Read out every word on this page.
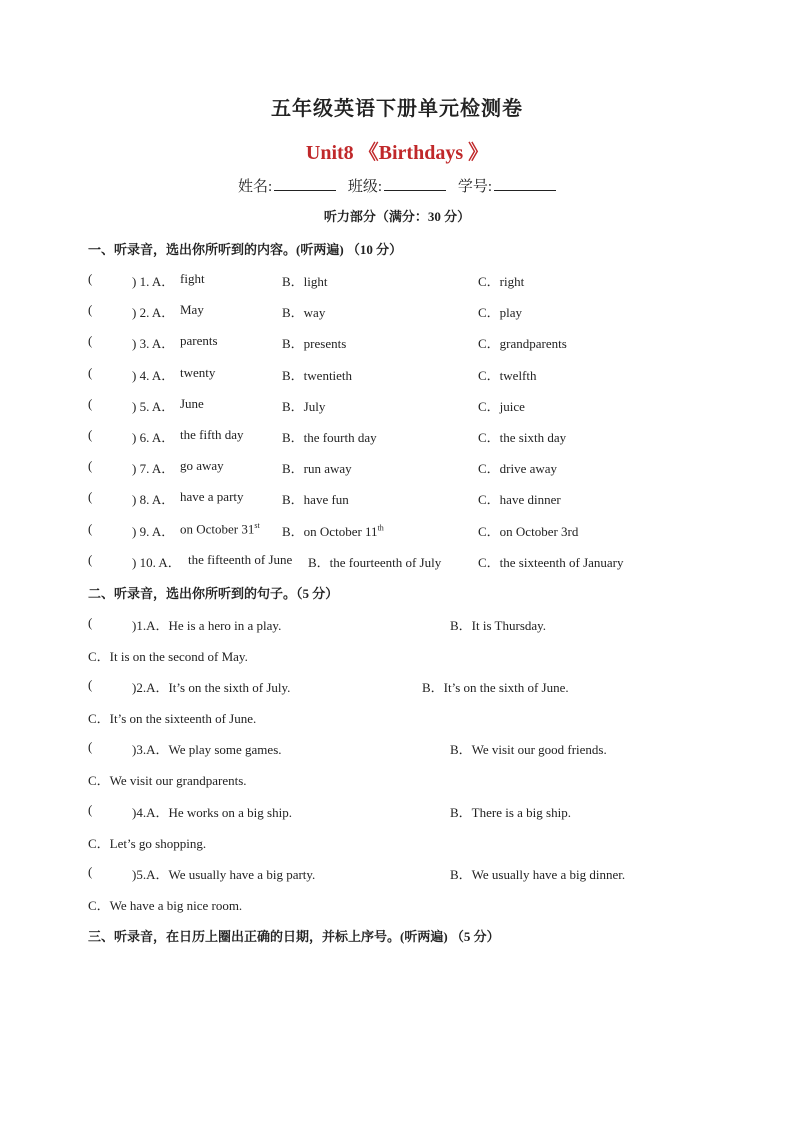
五年级英语下册单元检测卷
Unit8 《Birthdays 》
姓名:	班级:	学号:
听力部分（满分：30 分）
一、听录音，选出你所听到的内容。(听两遍) （10 分）
(	) 1. A． fight	B．light	C．right
(	) 2. A． May	B．way	C．play
(	) 3. A． parents	B．presents	C．grandparents
(	) 4. A． twenty	B．twentieth	C．twelfth
(	) 5. A． June	B．July	C．juice
(	) 6. A． the fifth day	B．the fourth day	C．the sixth day
(	) 7. A． go away	B．run away	C．drive away
(	) 8. A． have a party	B．have fun	C．have dinner
(	) 9. A． on October 31st B．on October 11th	C．on October 3rd
(	) 10. A． the fifteenth of June B．the fourteenth of July	C．the sixteenth of January
二、听录音，选出你所听到的句子。（5 分）
(	)1.A．He is a hero in a play.	B．It is Thursday.
C．It is on the second of May.
(	)2.A．It’s on the sixth of July.	B．It’s on the sixth of June.
C．It’s on the sixteenth of June.
(	)3.A．We play some games.	B．We visit our good friends.
C．We visit our grandparents.
(	)4.A．He works on a big ship.	B．There is a big ship.
C．Let’s go shopping.
(	)5.A．We usually have a big party.	B．We usually have a big dinner.
C．We have a big nice room.
三、听录音，在日历上圈出正确的日期，并标上序号。(听两遍) （5 分）
